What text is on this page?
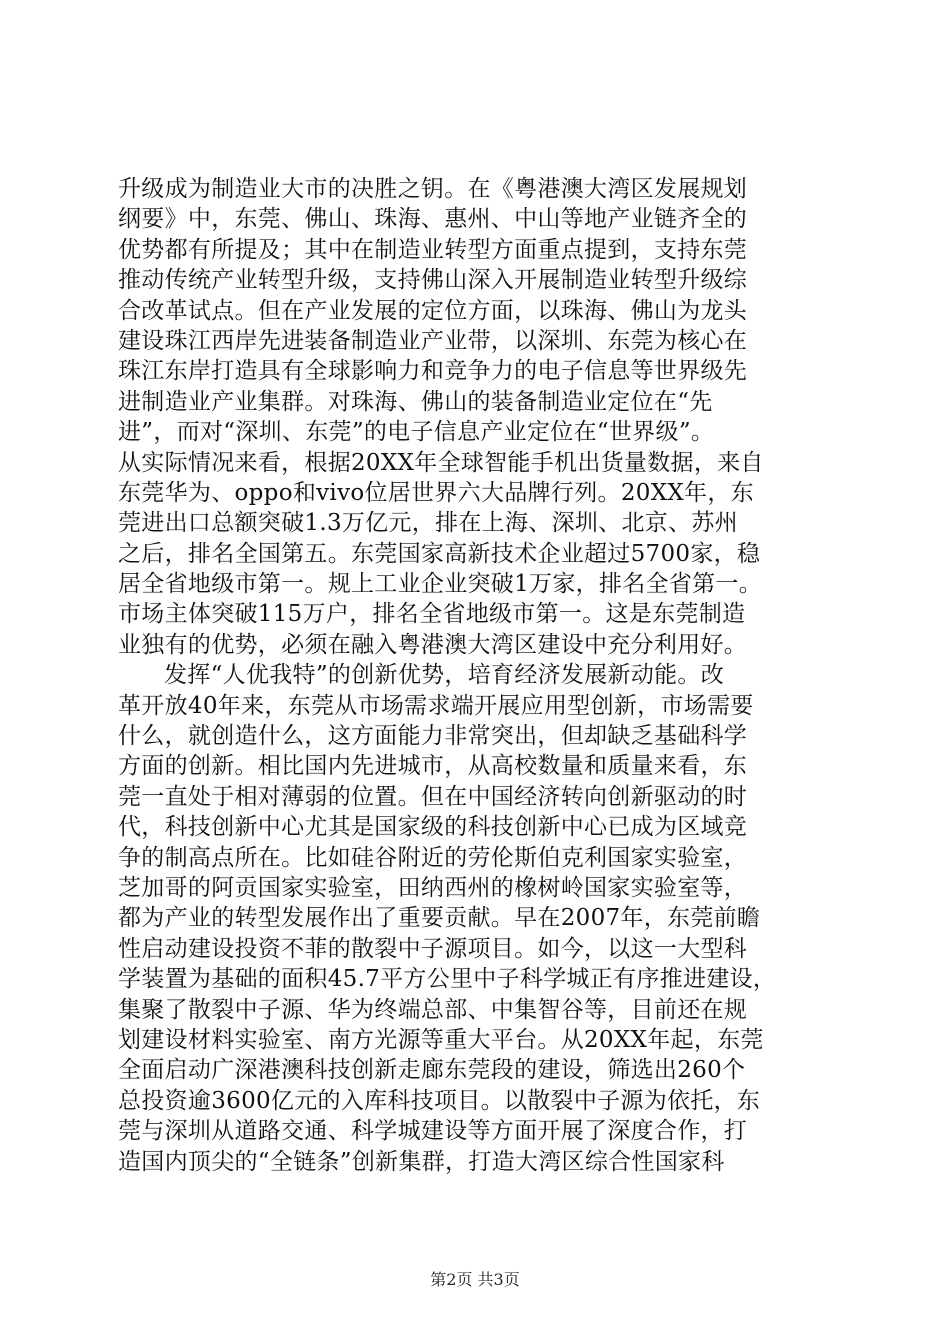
升级成为制造业大市的决胜之钥。在《粤港澳大湾区发展规划
纲要》中，东莞、佛山、珠海、惠州、中山等地产业链齐全的
优势都有所提及；其中在制造业转型方面重点提到，支持东莞
推动传统产业转型升级，支持佛山深入开展制造业转型升级综
合改革试点。但在产业发展的定位方面，以珠海、佛山为龙头
建设珠江西岸先进装备制造业产业带，以深圳、东莞为核心在
珠江东岸打造具有全球影响力和竞争力的电子信息等世界级先
进制造业产业集群。对珠海、佛山的装备制造业定位在“先
进”，而对“深圳、东莞”的电子信息产业定位在“世界级”。
从实际情况来看，根据20XX年全球智能手机出货量数据，来自
东莞华为、oppo和vivo位居世界六大品牌行列。20XX年，东
莞进出口总额突破1.3万亿元，排在上海、深圳、北京、苏州
之后，排名全国第五。东莞国家高新技术企业超过5700家，稳
居全省地级市第一。规上工业企业突破1万家，排名全省第一。
市场主体突破115万户，排名全省地级市第一。这是东莞制造
业独有的优势，必须在融入粤港澳大湾区建设中充分利用好。
发挥“人优我特”的创新优势，培育经济发展新动能。改
革开放40年来，东莞从市场需求端开展应用型创新，市场需要
什么，就创造什么，这方面能力非常突出，但却缺乏基础科学
方面的创新。相比国内先进城市，从高校数量和质量来看，东
莞一直处于相对薄弱的位置。但在中国经济转向创新驱动的时
代，科技创新中心尤其是国家级的科技创新中心已成为区域竞
争的制高点所在。比如硅谷附近的劳伦斯伯克利国家实验室，
芝加哥的阿贡国家实验室，田纳西州的橡树岭国家实验室等，
都为产业的转型发展作出了重要贡献。早在2007年，东莞前瞻
性启动建设投资不菲的散裂中子源项目。如今，以这一大型科
学装置为基础的面积45.7平方公里中子科学城正有序推进建设，
集聚了散裂中子源、华为终端总部、中集智谷等，目前还在规
划建设材料实验室、南方光源等重大平台。从20XX年起，东莞
全面启动广深港澳科技创新走廊东莞段的建设，筛选出260个
总投资逾3600亿元的入库科技项目。以散裂中子源为依托，东
莞与深圳从道路交通、科学城建设等方面开展了深度合作，打
造国内顶尖的“全链条”创新集群，打造大湾区综合性国家科
第2页 共3页
